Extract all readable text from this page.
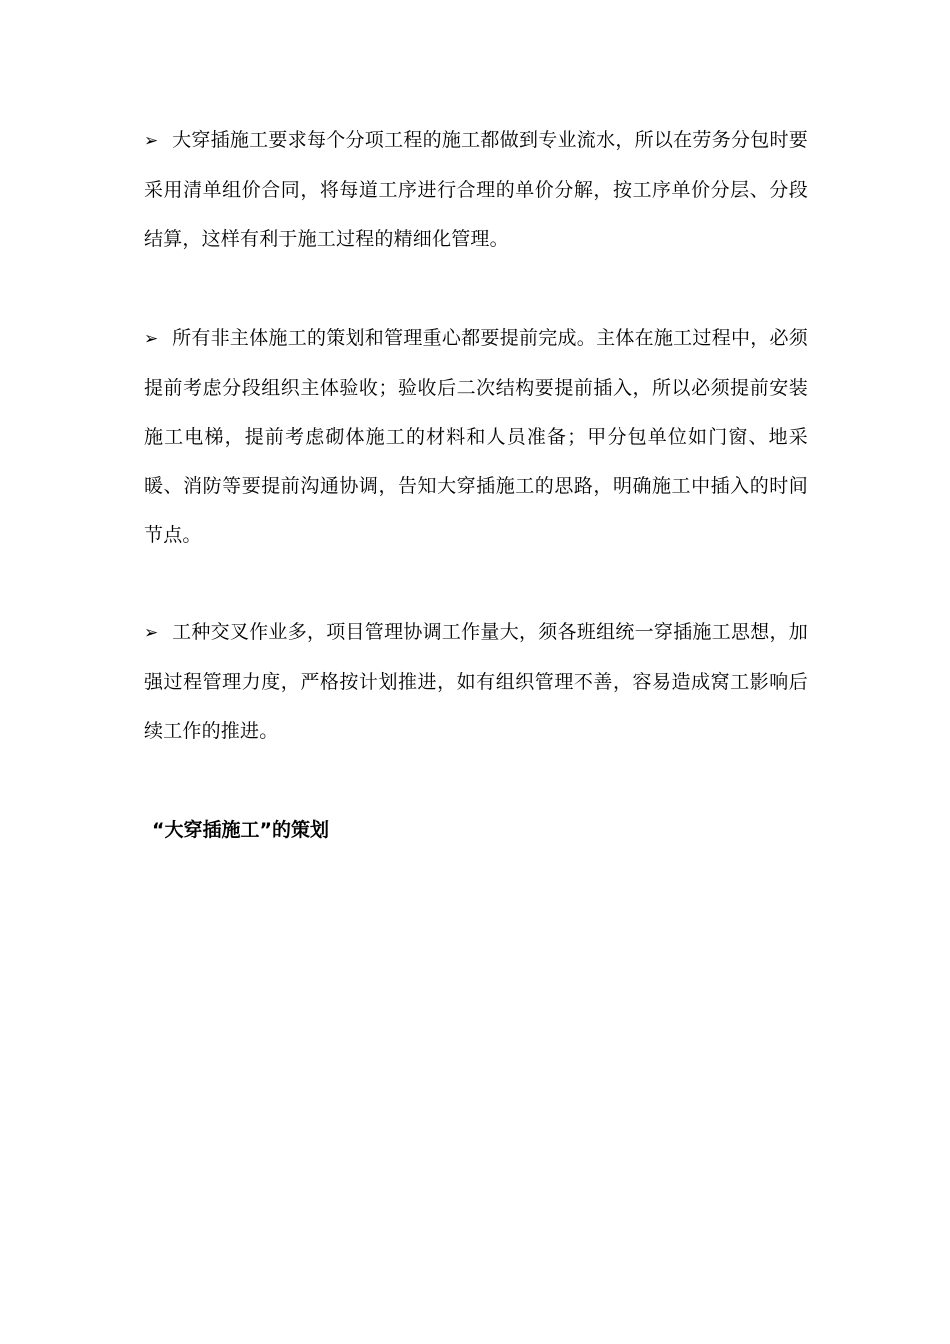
➢ 大穿插施工要求每个分项工程的施工都做到专业流水，所以在劳务分包时要采用清单组价合同，将每道工序进行合理的单价分解，按工序单价分层、分段结算，这样有利于施工过程的精细化管理。

➢ 所有非主体施工的策划和管理重心都要提前完成。主体在施工过程中，必须提前考虑分段组织主体验收；验收后二次结构要提前插入，所以必须提前安装施工电梯，提前考虑砌体施工的材料和人员准备；甲分包单位如门窗、地采暖、消防等要提前沟通协调，告知大穿插施工的思路，明确施工中插入的时间节点。

➢ 工种交叉作业多，项目管理协调工作量大，须各班组统一穿插施工思想，加强过程管理力度，严格按计划推进，如有组织管理不善，容易造成窝工影响后续工作的推进。

“大穿插施工”的策划
